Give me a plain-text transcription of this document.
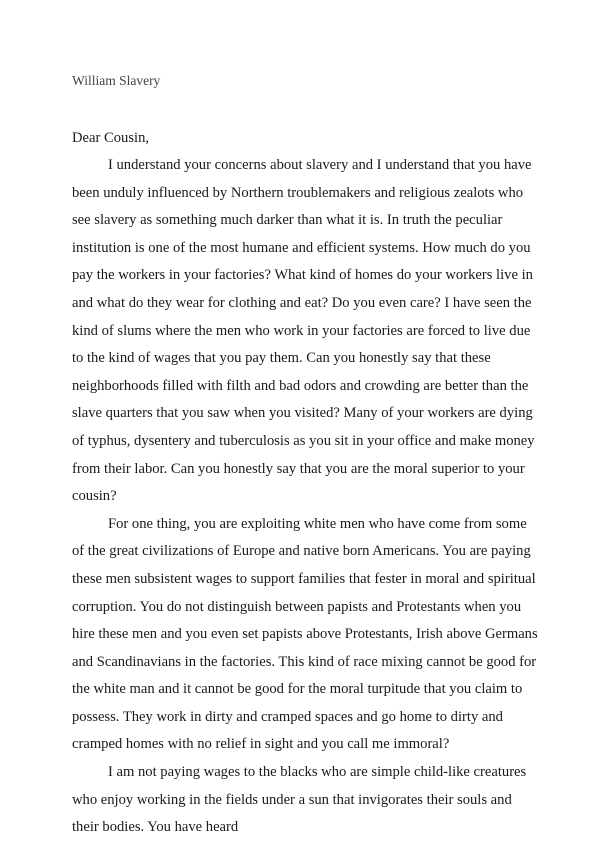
William Slavery
Dear Cousin,

I understand your concerns about slavery and I understand that you have been unduly influenced by Northern troublemakers and religious zealots who see slavery as something much darker than what it is. In truth the peculiar institution is one of the most humane and efficient systems. How much do you pay the workers in your factories? What kind of homes do your workers live in and what do they wear for clothing and eat? Do you even care? I have seen the kind of slums where the men who work in your factories are forced to live due to the kind of wages that you pay them. Can you honestly say that these neighborhoods filled with filth and bad odors and crowding are better than the slave quarters that you saw when you visited? Many of your workers are dying of typhus, dysentery and tuberculosis as you sit in your office and make money from their labor. Can you honestly say that you are the moral superior to your cousin?

For one thing, you are exploiting white men who have come from some of the great civilizations of Europe and native born Americans. You are paying these men subsistent wages to support families that fester in moral and spiritual corruption. You do not distinguish between papists and Protestants when you hire these men and you even set papists above Protestants, Irish above Germans and Scandinavians in the factories. This kind of race mixing cannot be good for the white man and it cannot be good for the moral turpitude that you claim to possess. They work in dirty and cramped spaces and go home to dirty and cramped homes with no relief in sight and you call me immoral?

I am not paying wages to the blacks who are simple child-like creatures who enjoy working in the fields under a sun that invigorates their souls and their bodies. You have heard
